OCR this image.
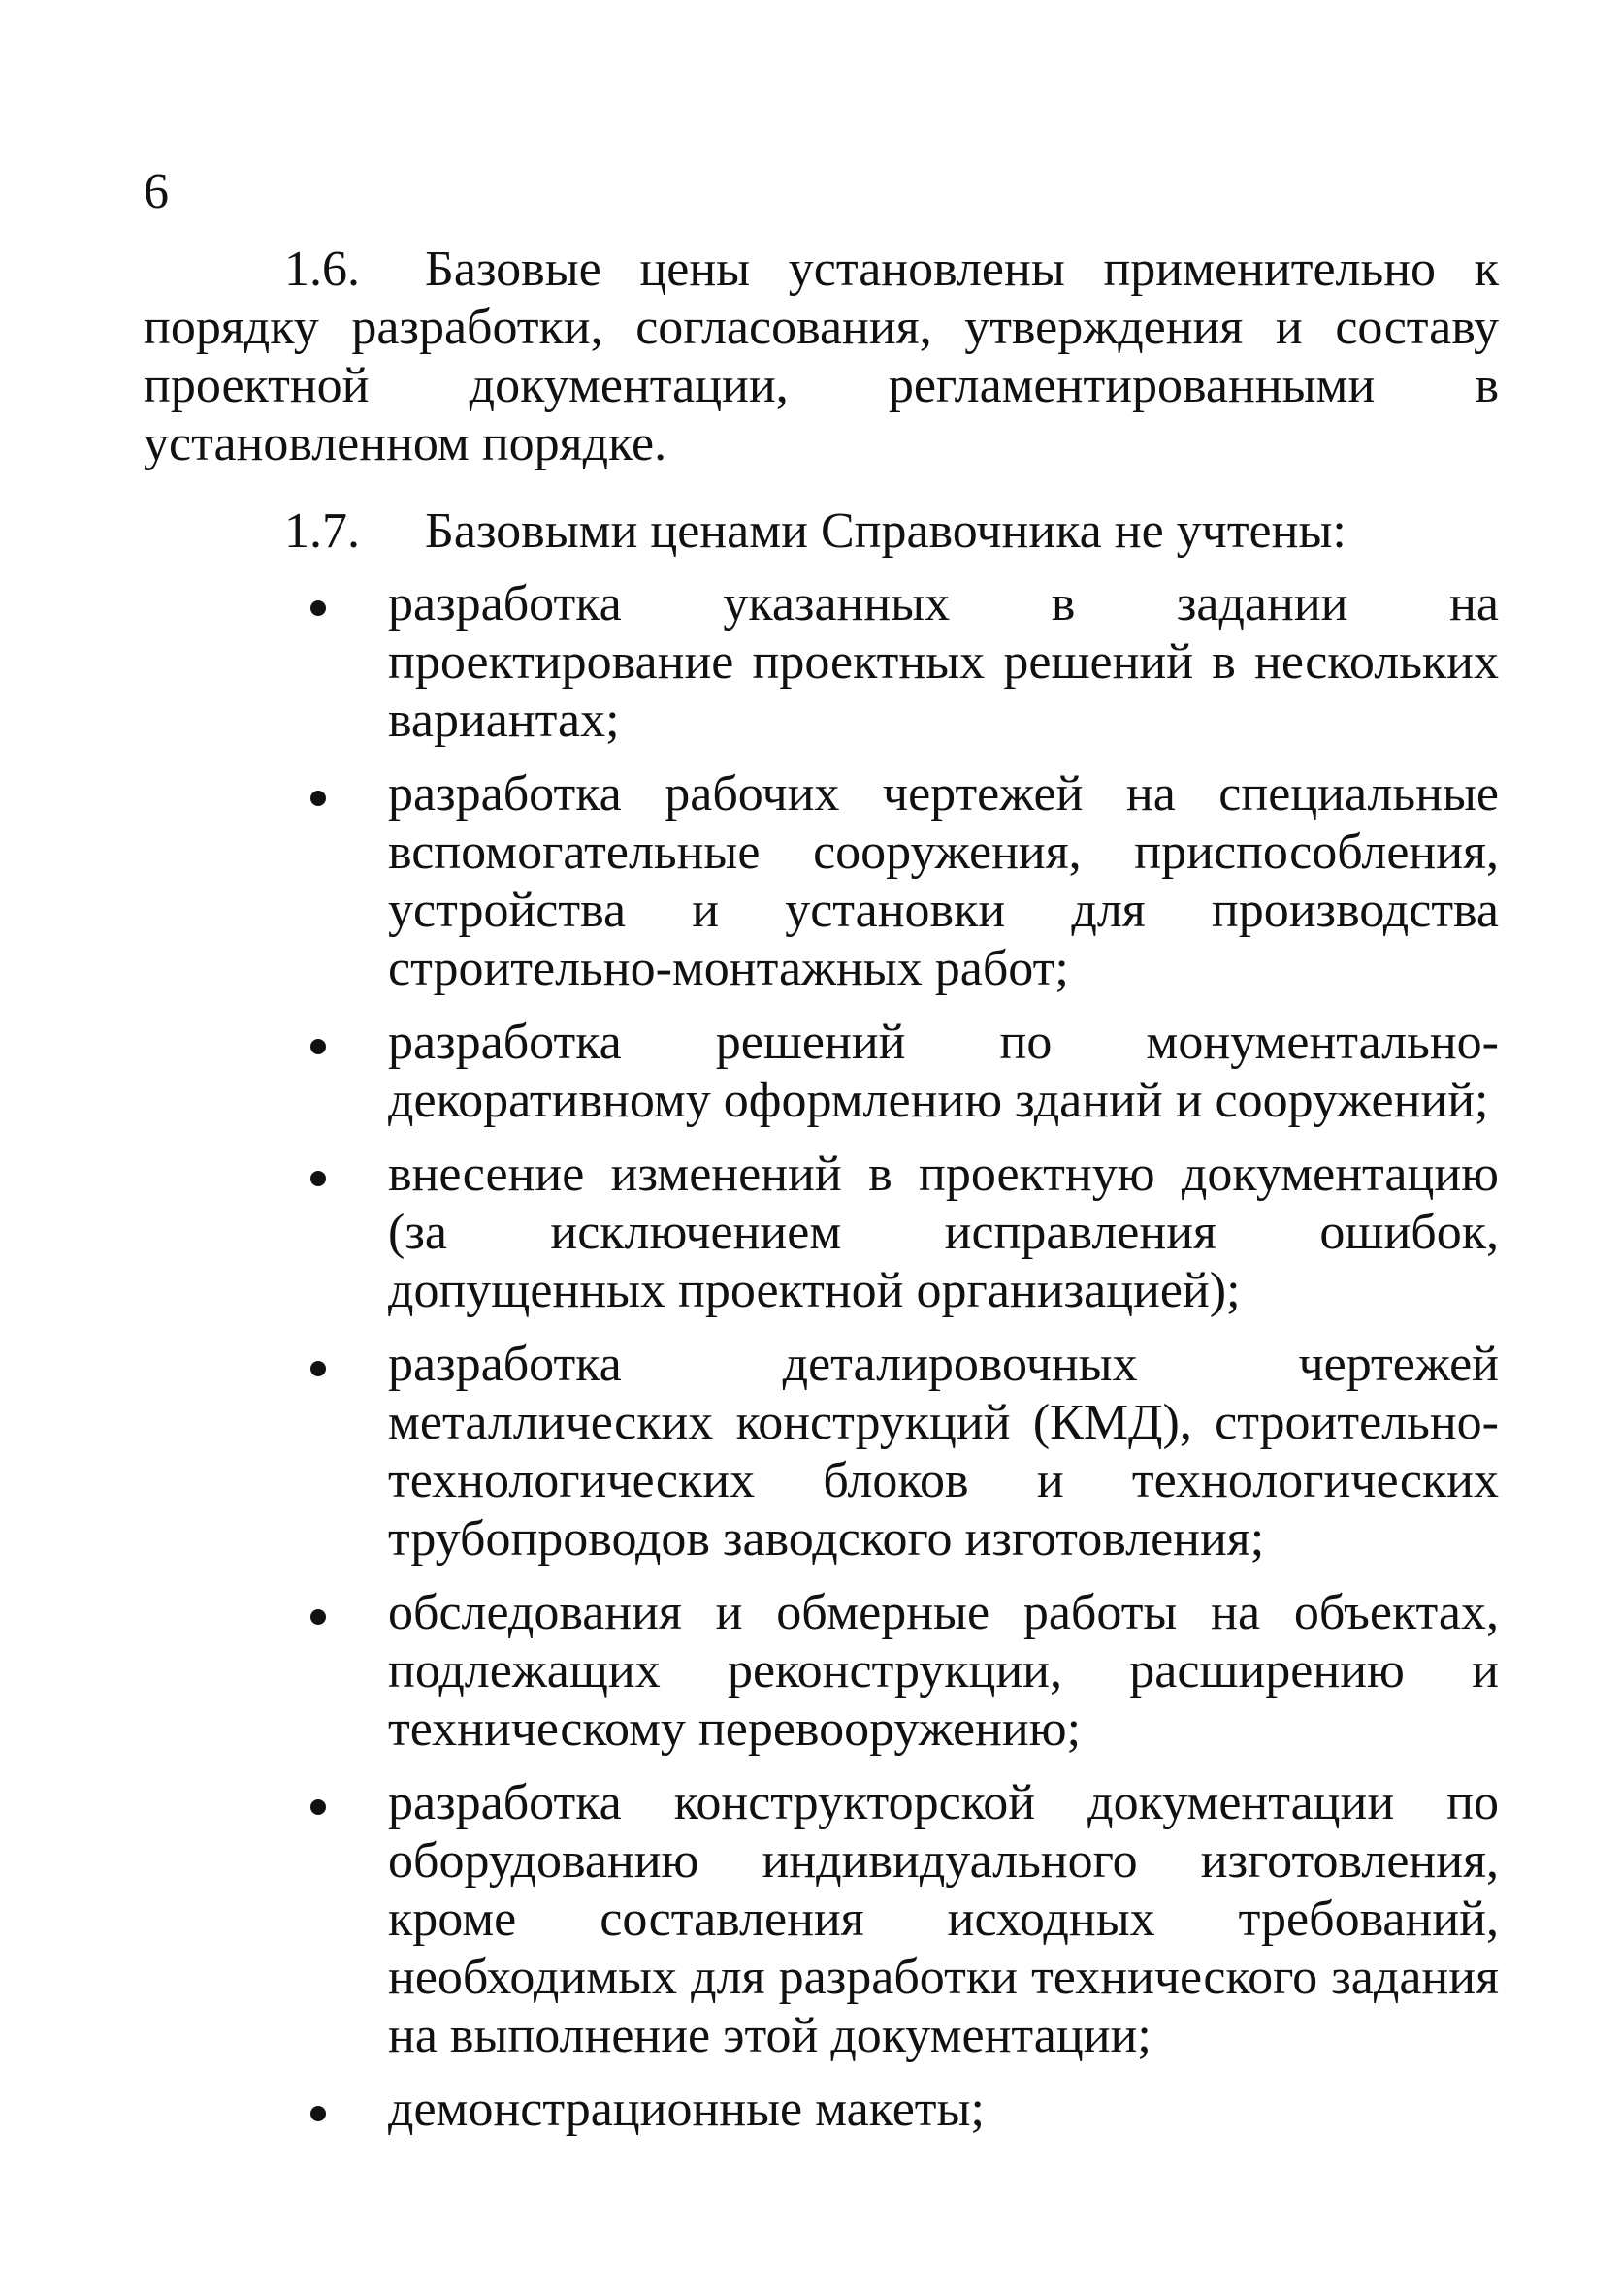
6
1.6. Базовые цены установлены применительно к порядку разработки, согласования, утверждения и составу проектной документации, регламентированными в установленном порядке.
1.7. Базовыми ценами Справочника не учтены:
разработка указанных в задании на проектирование проектных решений в нескольких вариантах;
разработка рабочих чертежей на специальные вспомогательные сооружения, приспособления, устройства и установки для производства строительно-монтажных работ;
разработка решений по монументально-декоративному оформлению зданий и сооружений;
внесение изменений в проектную документацию (за исключением исправления ошибок, допущенных проектной организацией);
разработка деталировочных чертежей металлических конструкций (КМД), строительно-технологических блоков и технологических трубопроводов заводского изготовления;
обследования и обмерные работы на объектах, подлежащих реконструкции, расширению и техническому перевооружению;
разработка конструкторской документации по оборудованию индивидуального изготовления, кроме составления исходных требований, необходимых для разработки технического задания на выполнение этой документации;
демонстрационные макеты;
